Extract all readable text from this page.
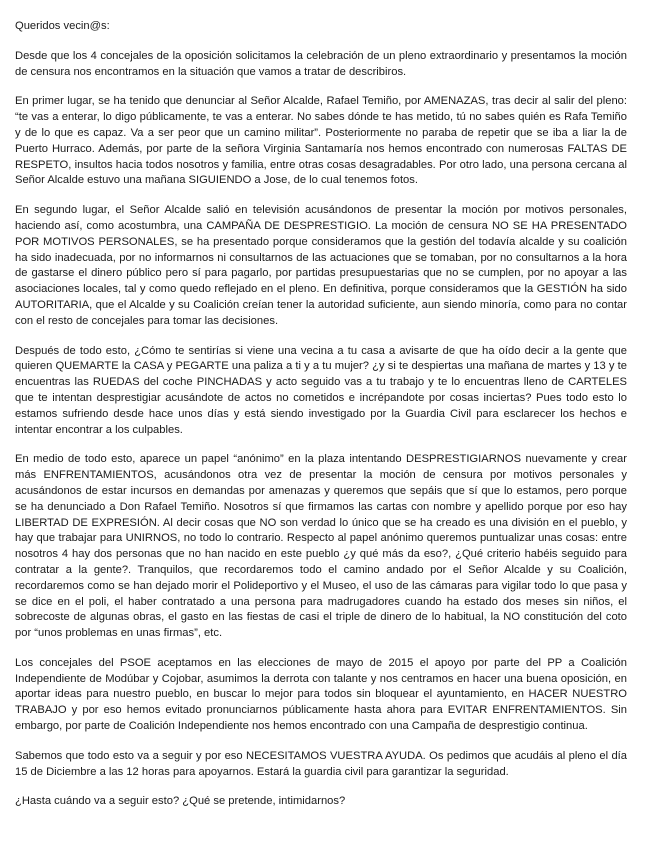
Queridos vecin@s:

Desde que los 4 concejales de la oposición solicitamos la celebración de un pleno extraordinario y presentamos la moción de censura nos encontramos en la situación que vamos a tratar de describiros.

En primer lugar, se ha tenido que denunciar al Señor Alcalde, Rafael Temiño, por AMENAZAS, tras decir al salir del pleno: “te vas a enterar, lo digo públicamente, te vas a enterar. No sabes dónde te has metido, tú no sabes quién es Rafa Temiño y de lo que es capaz. Va a ser peor que un camino militar”. Posteriormente no paraba de repetir que se iba a liar la de Puerto Hurraco. Además, por parte de la señora Virginia Santamaría nos hemos encontrado con numerosas FALTAS DE RESPETO, insultos hacia todos nosotros y familia, entre otras cosas desagradables. Por otro lado, una persona cercana al Señor Alcalde estuvo una mañana SIGUIENDO a Jose, de lo cual tenemos fotos.

En segundo lugar, el Señor Alcalde salió en televisión acusándonos de presentar la moción por motivos personales, haciendo así, como acostumbra, una CAMPAÑA DE DESPRESTIGIO. La moción de censura NO SE HA PRESENTADO POR MOTIVOS PERSONALES, se ha presentado porque consideramos que la gestión del todavía alcalde y su coalición ha sido inadecuada, por no informarnos ni consultarnos de las actuaciones que se tomaban, por no consultarnos a la hora de gastarse el dinero público pero sí para pagarlo, por partidas presupuestarias que no se cumplen, por no apoyar a las asociaciones locales, tal y como quedo reflejado en el pleno. En definitiva, porque consideramos que la GESTIÓN ha sido AUTORITARIA, que el Alcalde y su Coalición creían tener la autoridad suficiente, aun siendo minoría, como para no contar con el resto de concejales para tomar las decisiones.

Después de todo esto, ¿Cómo te sentirías si viene una vecina a tu casa a avisarte de que ha oído decir a la gente que quieren QUEMARTE la CASA y PEGARTE una paliza a ti y a tu mujer? ¿y si te despiertas una mañana de martes y 13 y te encuentras las RUEDAS del coche PINCHADAS y acto seguido vas a tu trabajo y te lo encuentras lleno de CARTELES que te intentan desprestigiar acusándote de actos no cometidos e incrépandote por cosas inciertas? Pues todo esto lo estamos sufriendo desde hace unos días y está siendo investigado por la Guardia Civil para esclarecer los hechos e intentar encontrar a los culpables.

En medio de todo esto, aparece un papel “anónimo” en la plaza intentando DESPRESTIGIARNOS nuevamente y crear más ENFRENTAMIENTOS, acusándonos otra vez de presentar la moción de censura por motivos personales y acusándonos de estar incursos en demandas por amenazas y queremos que sepáis que sí que lo estamos, pero porque se ha denunciado a Don Rafael Temiño. Nosotros sí que firmamos las cartas con nombre y apellido porque por eso hay LIBERTAD DE EXPRESIÓN. Al decir cosas que NO son verdad lo único que se ha creado es una división en el pueblo, y hay que trabajar para UNIRNOS, no todo lo contrario. Respecto al papel anónimo queremos puntualizar unas cosas: entre nosotros 4 hay dos personas que no han nacido en este pueblo ¿y qué más da eso?, ¿Qué criterio habéis seguido para contratar a la gente?. Tranquilos, que recordaremos todo el camino andado por el Señor Alcalde y su Coalición, recordaremos como se han dejado morir el Polideportivo y el Museo, el uso de las cámaras para vigilar todo lo que pasa y se dice en el poli, el haber contratado a una persona para madrugadores cuando ha estado dos meses sin niños, el sobrecoste de algunas obras, el gasto en las fiestas de casi el triple de dinero de lo habitual, la NO constitución del coto por “unos problemas en unas firmas”, etc.

Los concejales del PSOE aceptamos en las elecciones de mayo de 2015 el apoyo por parte del PP a Coalición Independiente de Modúbar y Cojobar, asumimos la derrota con talante y nos centramos en hacer una buena oposición, en aportar ideas para nuestro pueblo, en buscar lo mejor para todos sin bloquear el ayuntamiento, en HACER NUESTRO TRABAJO y por eso hemos evitado pronunciarnos públicamente hasta ahora para EVITAR ENFRENTAMIENTOS. Sin embargo, por parte de Coalición Independiente nos hemos encontrado con una Campaña de desprestigio continua.

Sabemos que todo esto va a seguir y por eso NECESITAMOS VUESTRA AYUDA. Os pedimos que acudáis al pleno el día 15 de Diciembre a las 12 horas para apoyarnos. Estará la guardia civil para garantizar la seguridad.

¿Hasta cuándo va a seguir esto? ¿Qué se pretende, intimidarnos?
